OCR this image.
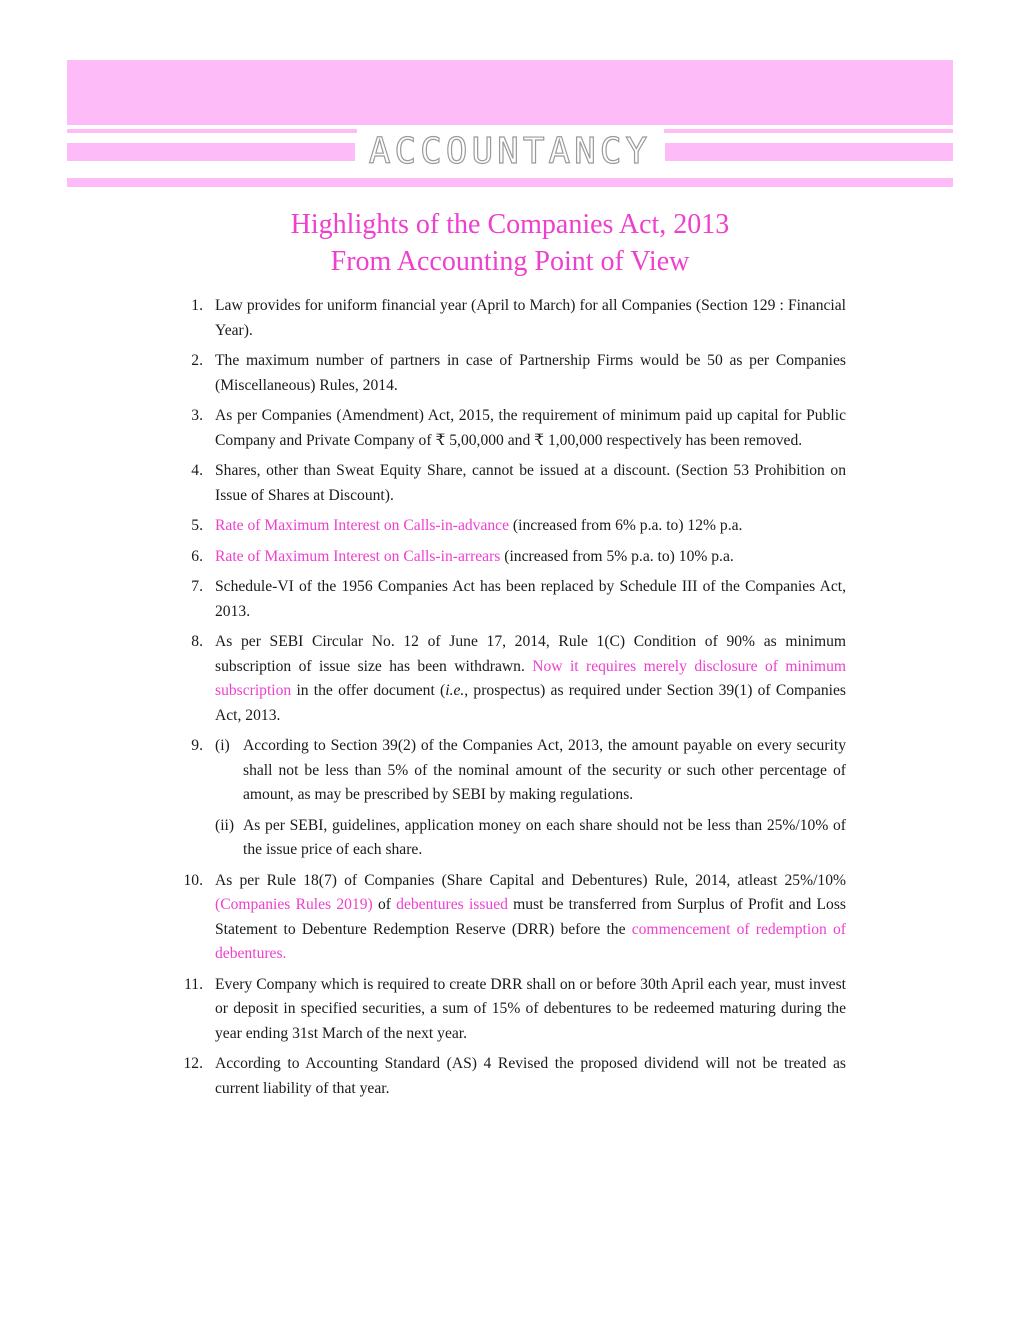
ACCOUNTANCY
Highlights of the Companies Act, 2013
From Accounting Point of View
1. Law provides for uniform financial year (April to March) for all Companies (Section 129 : Financial Year).
2. The maximum number of partners in case of Partnership Firms would be 50 as per Companies (Miscellaneous) Rules, 2014.
3. As per Companies (Amendment) Act, 2015, the requirement of minimum paid up capital for Public Company and Private Company of ₹ 5,00,000 and ₹ 1,00,000 respectively has been removed.
4. Shares, other than Sweat Equity Share, cannot be issued at a discount. (Section 53 Prohibition on Issue of Shares at Discount).
5. Rate of Maximum Interest on Calls-in-advance (increased from 6% p.a. to) 12% p.a.
6. Rate of Maximum Interest on Calls-in-arrears (increased from 5% p.a. to) 10% p.a.
7. Schedule-VI of the 1956 Companies Act has been replaced by Schedule III of the Companies Act, 2013.
8. As per SEBI Circular No. 12 of June 17, 2014, Rule 1(C) Condition of 90% as minimum subscription of issue size has been withdrawn. Now it requires merely disclosure of minimum subscription in the offer document (i.e., prospectus) as required under Section 39(1) of Companies Act, 2013.
9. (i) According to Section 39(2) of the Companies Act, 2013, the amount payable on every security shall not be less than 5% of the nominal amount of the security or such other percentage of amount, as may be prescribed by SEBI by making regulations.
(ii) As per SEBI, guidelines, application money on each share should not be less than 25%/10% of the issue price of each share.
10. As per Rule 18(7) of Companies (Share Capital and Debentures) Rule, 2014, atleast 25%/10% (Companies Rules 2019) of debentures issued must be transferred from Surplus of Profit and Loss Statement to Debenture Redemption Reserve (DRR) before the commencement of redemption of debentures.
11. Every Company which is required to create DRR shall on or before 30th April each year, must invest or deposit in specified securities, a sum of 15% of debentures to be redeemed maturing during the year ending 31st March of the next year.
12. According to Accounting Standard (AS) 4 Revised the proposed dividend will not be treated as current liability of that year.
